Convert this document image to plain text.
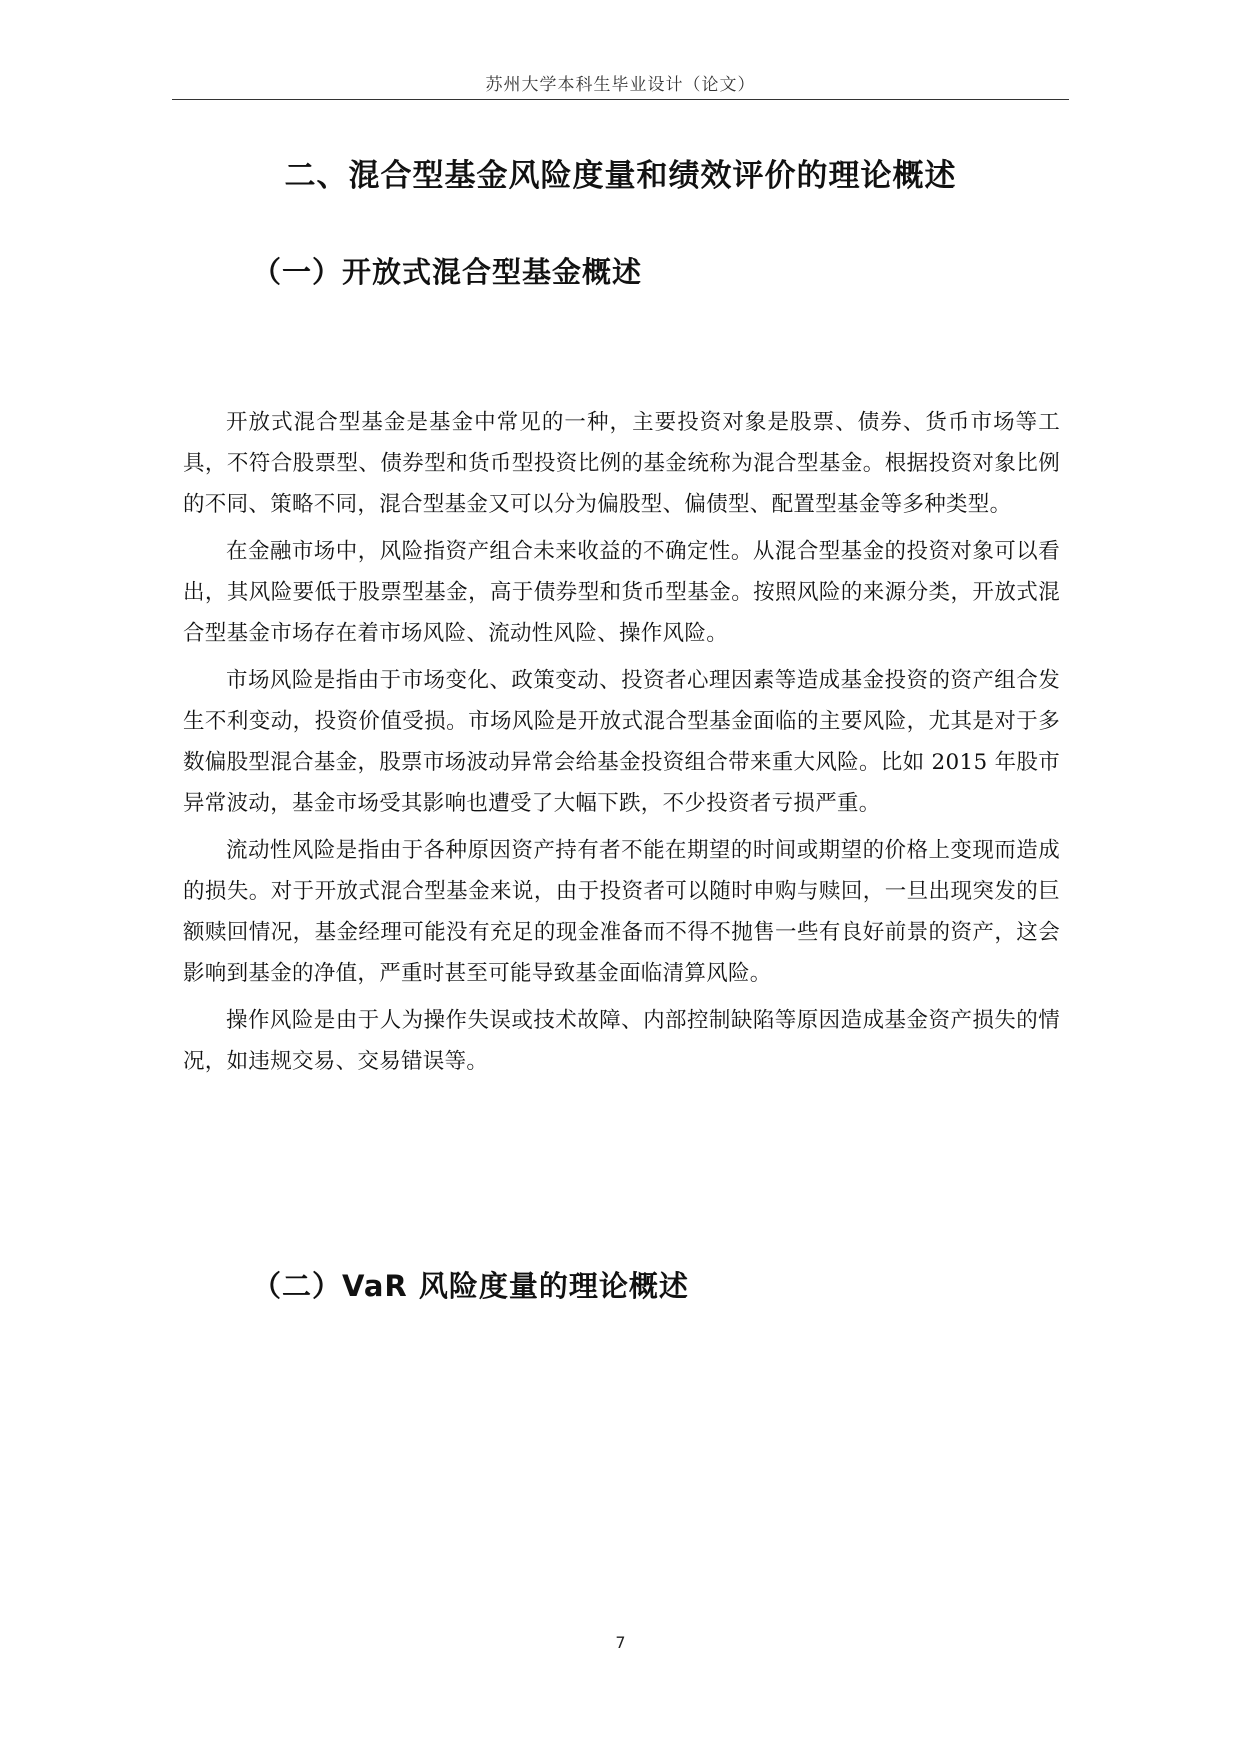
苏州大学本科生毕业设计（论文）
二、混合型基金风险度量和绩效评价的理论概述
（一）开放式混合型基金概述

开放式混合型基金是基金中常见的一种，主要投资对象是股票、债券、货币市场等工具，不符合股票型、债券型和货币型投资比例的基金统称为混合型基金。根据投资对象比例的不同、策略不同，混合型基金又可以分为偏股型、偏债型、配置型基金等多种类型。

在金融市场中，风险指资产组合未来收益的不确定性。从混合型基金的投资对象可以看出，其风险要低于股票型基金，高于债券型和货币型基金。按照风险的来源分类，开放式混合型基金市场存在着市场风险、流动性风险、操作风险。

市场风险是指由于市场变化、政策变动、投资者心理因素等造成基金投资的资产组合发生不利变动，投资价值受损。市场风险是开放式混合型基金面临的主要风险，尤其是对于多数偏股型混合基金，股票市场波动异常会给基金投资组合带来重大风险。比如 2015 年股市异常波动，基金市场受其影响也遭受了大幅下跌，不少投资者亏损严重。

流动性风险是指由于各种原因资产持有者不能在期望的时间或期望的价格上变现而造成的损失。对于开放式混合型基金来说，由于投资者可以随时申购与赎回，一旦出现突发的巨额赎回情况，基金经理可能没有充足的现金准备而不得不抛售一些有良好前景的资产，这会影响到基金的净值，严重时甚至可能导致基金面临清算风险。

操作风险是由于人为操作失误或技术故障、内部控制缺陷等原因造成基金资产损失的情况，如违规交易、交易错误等。

（二）VaR 风险度量的理论概述
7
